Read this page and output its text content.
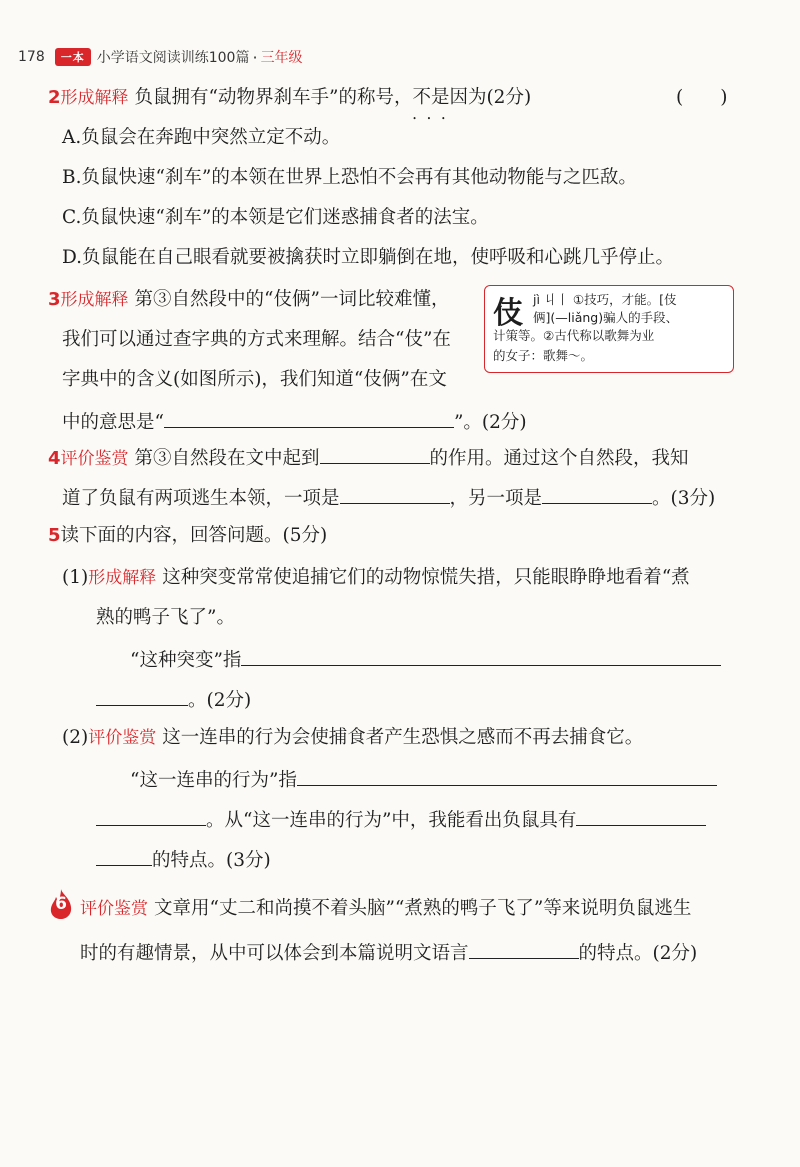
178	一本 小学语文阅读训练100篇 · 三年级
2形成解释 负鼠拥有“动物界刹车手”的称号，不是 • • •因为(2分)	(　　)
A.负鼠会在奔跑中突然立定不动。
B.负鼠快速“刹车”的本领在世界上恐怕不会再有其他动物能与之匹敌。
C.负鼠快速“刹车”的本领是它们迷惑捕食者的法宝。
D.负鼠能在自己眼看就要被擒获时立即躺倒在地，使呼吸和心跳几乎停止。
3形成解释 第③自然段中的“伎俩”一词比较难懂，
我们可以通过查字典的方式来理解。结合“伎”在
字典中的含义(如图所示)，我们知道“伎俩”在文
中的意思是“	”。(2分)
伎 jì 丩丨 ①技巧，才能。[伎
俩](—liǎng)骗人的手段、
计策等。②古代称以歌舞为业
的女子：歌舞～。
4评价鉴赏 第③自然段在文中起到	的作用。通过这个自然段，我知
道了负鼠有两项逃生本领，一项是	，另一项是	。(3分)
5读下面的内容，回答问题。(5分)
(1)形成解释 这种突变常常使追捕它们的动物惊慌失措，只能眼睁睁地看着“煮
熟的鸭子飞了”。
“这种突变”指
。(2分)
(2)评价鉴赏 这一连串的行为会使捕食者产生恐惧之感而不再去捕食它。
“这一连串的行为”指
。从“这一连串的行为”中，我能看出负鼠具有
的特点。(3分)
6 评价鉴赏 文章用“丈二和尚摸不着头脑”“煮熟的鸭子飞了”等来说明负鼠逃生
时的有趣情景，从中可以体会到本篇说明文语言	的特点。(2分)
